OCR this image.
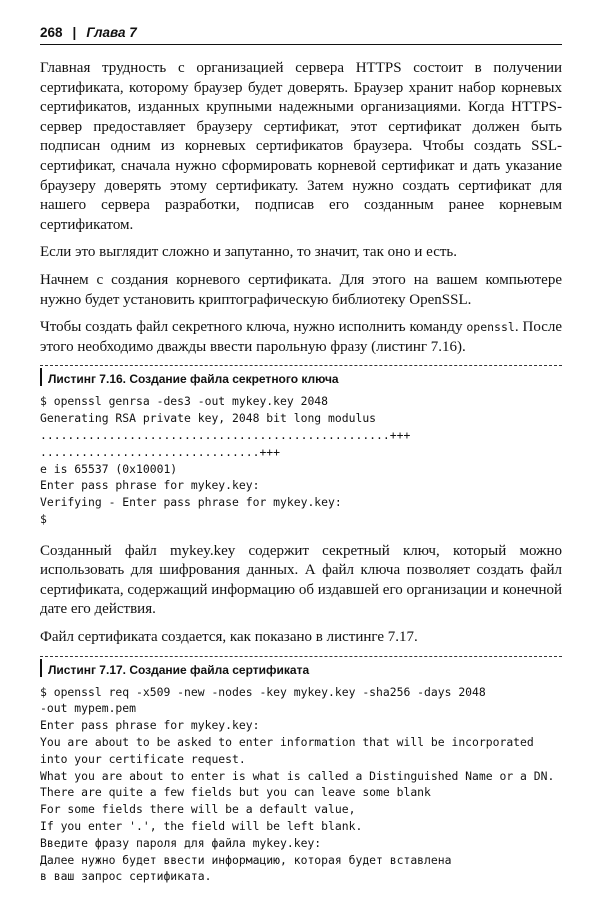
268 | Глава 7

Главная трудность с организацией сервера HTTPS состоит в получении сертификата, которому браузер будет доверять. Браузер хранит набор корневых сертификатов, изданных крупными надежными организациями. Когда HTTPS-сервер предоставляет браузеру сертификат, этот сертификат должен быть подписан одним из корневых сертификатов браузера. Чтобы создать SSL-сертификат, сначала нужно сформировать корневой сертификат и дать указание браузеру доверять этому сертификату. Затем нужно создать сертификат для нашего сервера разработки, подписав его созданным ранее корневым сертификатом.

Если это выглядит сложно и запутанно, то значит, так оно и есть.

Начнем с создания корневого сертификата. Для этого на вашем компьютере нужно будет установить криптографическую библиотеку OpenSSL.

Чтобы создать файл секретного ключа, нужно исполнить команду openssl. После этого необходимо дважды ввести парольную фразу (листинг 7.16).

Листинг 7.16. Создание файла секретного ключа
$ openssl genrsa -des3 -out mykey.key 2048
Generating RSA private key, 2048 bit long modulus
...................................................+++
................................+++
e is 65537 (0x10001)
Enter pass phrase for mykey.key:
Verifying - Enter pass phrase for mykey.key:
$

Созданный файл mykey.key содержит секретный ключ, который можно использовать для шифрования данных. А файл ключа позволяет создать файл сертификата, содержащий информацию об издавшей его организации и конечной дате его действия.

Файл сертификата создается, как показано в листинге 7.17.

Листинг 7.17. Создание файла сертификата
$ openssl req -x509 -new -nodes -key mykey.key -sha256 -days 2048
-out mypem.pem
Enter pass phrase for mykey.key:
You are about to be asked to enter information that will be incorporated
into your certificate request.
What you are about to enter is what is called a Distinguished Name or a DN.
There are quite a few fields but you can leave some blank
For some fields there will be a default value,
If you enter '.', the field will be left blank.
Введите фразу пароля для файла mykey.key:
Далее нужно будет ввести информацию, которая будет вставлена
в ваш запрос сертификата.
